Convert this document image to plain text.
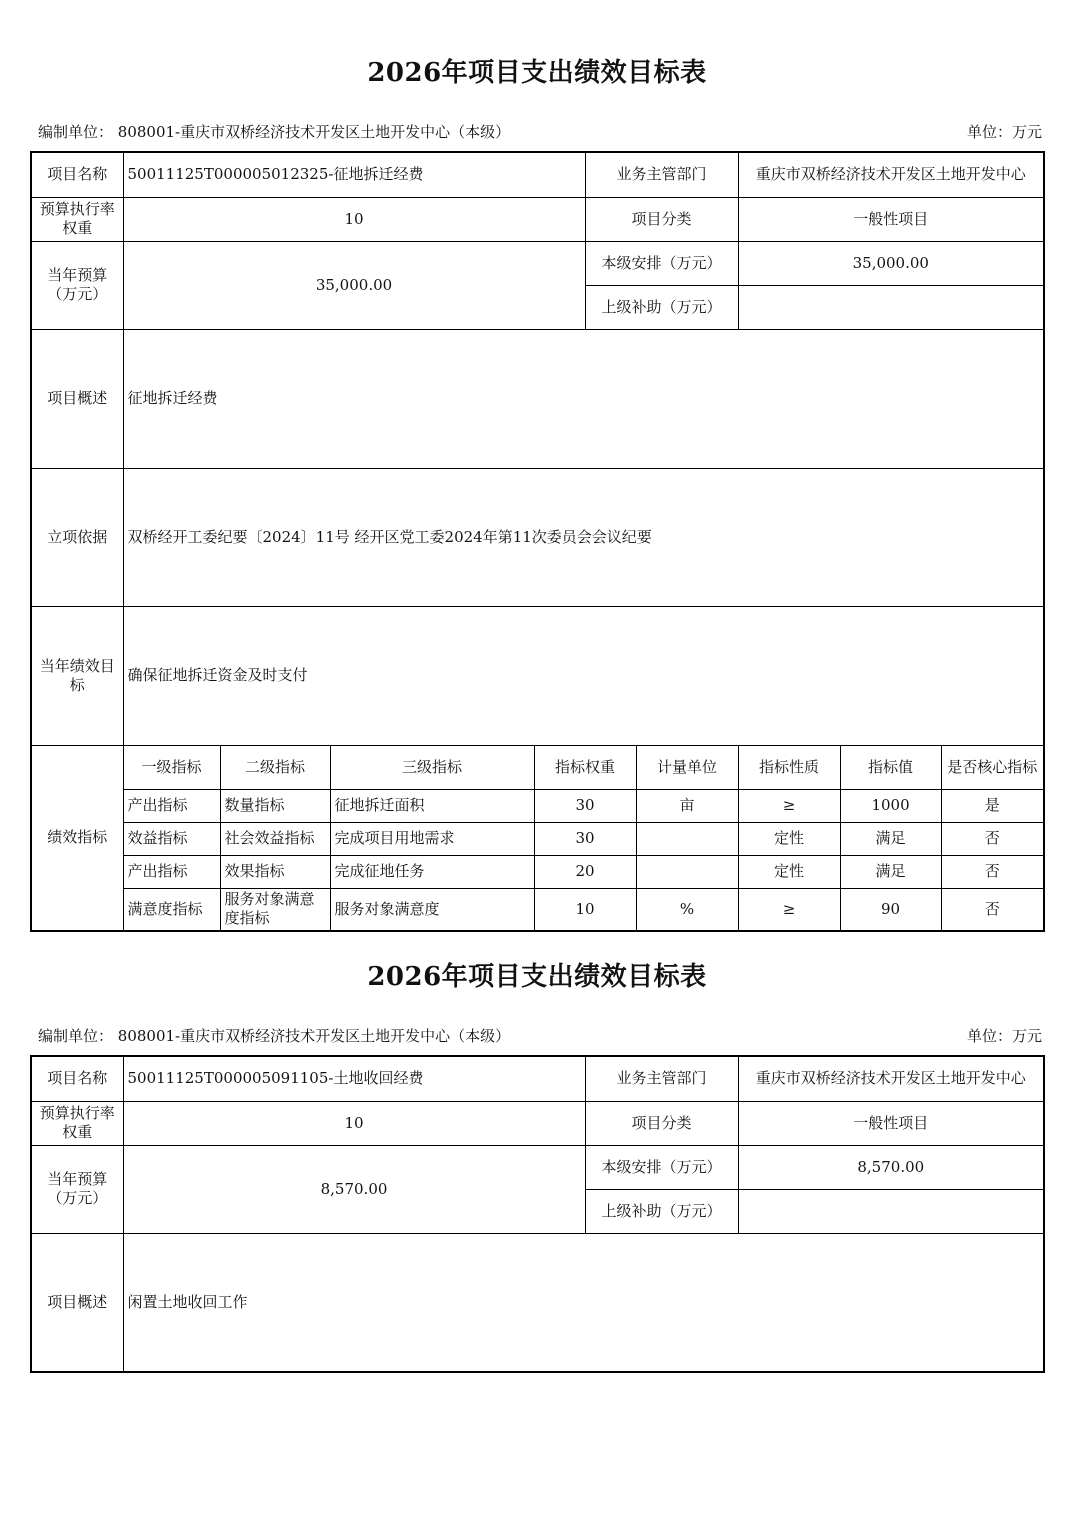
2026年项目支出绩效目标表
编制单位： 808001-重庆市双桥经济技术开发区土地开发中心（本级）	单位：万元
项目名称	50011125T000005012325-征地拆迁经费				业务主管部门		重庆市双桥经济技术开发区土地开发中心		
预算执行率权重	10				项目分类		一般性项目		
当年预算（万元）	35,000.00				本级安排（万元）		35,000.00		
					上级补助（万元）				
项目概述	征地拆迁经费								
立项依据	双桥经开工委纪要〔2024〕11号 经开区党工委2024年第11次委员会会议纪要								
当年绩效目标	确保征地拆迁资金及时支付								
绩效指标	一级指标	二级指标	三级指标	指标权重		计量单位	指标性质	指标值	是否核心指标
	产出指标	数量指标	征地拆迁面积	30		亩	≥	1000	是
	效益指标	社会效益指标	完成项目用地需求	30			定性	满足	否
	产出指标	效果指标	完成征地任务	20			定性	满足	否
	满意度指标	服务对象满意度指标	服务对象满意度	10		%	≥	90	否
2026年项目支出绩效目标表
编制单位： 808001-重庆市双桥经济技术开发区土地开发中心（本级）	单位：万元
项目名称	50011125T000005091105-土地收回经费	业务主管部门	重庆市双桥经济技术开发区土地开发中心
预算执行率权重	10	项目分类	一般性项目
当年预算（万元）	8,570.00	本级安排（万元）	8,570.00
		上级补助（万元）	
项目概述	闲置土地收回工作		
